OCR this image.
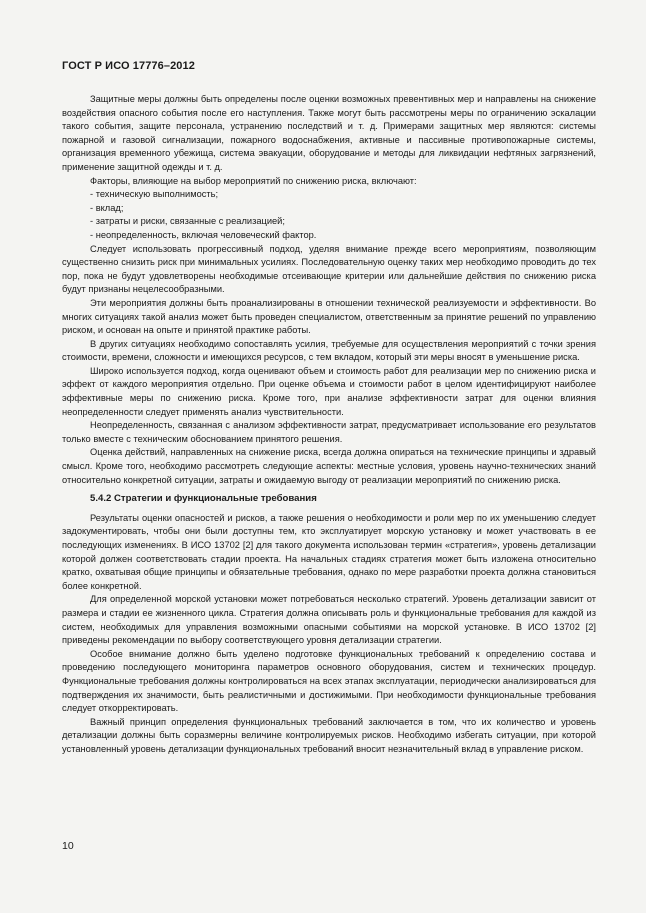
ГОСТ Р ИСО 17776–2012

Защитные меры должны быть определены после оценки возможных превентивных мер и направлены на снижение воздействия опасного события после его наступления. Также могут быть рассмотрены меры по ограничению эскалации такого события, защите персонала, устранению последствий и т. д. Примерами защитных мер являются: системы пожарной и газовой сигнализации, пожарного водоснабжения, активные и пассивные противопожарные системы, организация временного убежища, система эвакуации, оборудование и методы для ликвидации нефтяных загрязнений, применение защитной одежды и т. д.

Факторы, влияющие на выбор мероприятий по снижению риска, включают:

- техническую выполнимость;

- вклад;

- затраты и риски, связанные с реализацией;

- неопределенность, включая человеческий фактор.

Следует использовать прогрессивный подход, уделяя внимание прежде всего мероприятиям, позволяющим существенно снизить риск при минимальных усилиях. Последовательную оценку таких мер необходимо проводить до тех пор, пока не будут удовлетворены необходимые отсеивающие критерии или дальнейшие действия по снижению риска будут признаны нецелесообразными.

Эти мероприятия должны быть проанализированы в отношении технической реализуемости и эффективности. Во многих ситуациях такой анализ может быть проведен специалистом, ответственным за принятие решений по управлению риском, и основан на опыте и принятой практике работы.

В других ситуациях необходимо сопоставлять усилия, требуемые для осуществления мероприятий с точки зрения стоимости, времени, сложности и имеющихся ресурсов, с тем вкладом, который эти меры вносят в уменьшение риска.

Широко используется подход, когда оценивают объем и стоимость работ для реализации мер по снижению риска и эффект от каждого мероприятия отдельно. При оценке объема и стоимости работ в целом идентифицируют наиболее эффективные меры по снижению риска. Кроме того, при анализе эффективности затрат для оценки влияния неопределенности следует применять анализ чувствительности.

Неопределенность, связанная с анализом эффективности затрат, предусматривает использование его результатов только вместе с техническим обоснованием принятого решения.

Оценка действий, направленных на снижение риска, всегда должна опираться на технические принципы и здравый смысл. Кроме того, необходимо рассмотреть следующие аспекты: местные условия, уровень научно-технических знаний относительно конкретной ситуации, затраты и ожидаемую выгоду от реализации мероприятий по снижению риска.

5.4.2 Стратегии и функциональные требования

Результаты оценки опасностей и рисков, а также решения о необходимости и роли мер по их уменьшению следует задокументировать, чтобы они были доступны тем, кто эксплуатирует морскую установку и может участвовать в ее последующих изменениях. В ИСО 13702 [2] для такого документа использован термин «стратегия», уровень детализации которой должен соответствовать стадии проекта. На начальных стадиях стратегия может быть изложена относительно кратко, охватывая общие принципы и обязательные требования, однако по мере разработки проекта должна становиться более конкретной.

Для определенной морской установки может потребоваться несколько стратегий. Уровень детализации зависит от размера и стадии ее жизненного цикла. Стратегия должна описывать роль и функциональные требования для каждой из систем, необходимых для управления возможными опасными событиями на морской установке. В ИСО 13702 [2] приведены рекомендации по выбору соответствующего уровня детализации стратегии.

Особое внимание должно быть уделено подготовке функциональных требований к определению состава и проведению последующего мониторинга параметров основного оборудования, систем и технических процедур. Функциональные требования должны контролироваться на всех этапах эксплуатации, периодически анализироваться для подтверждения их значимости, быть реалистичными и достижимыми. При необходимости функциональные требования следует откорректировать.

Важный принцип определения функциональных требований заключается в том, что их количество и уровень детализации должны быть соразмерны величине контролируемых рисков. Необходимо избегать ситуации, при которой установленный уровень детализации функциональных требований вносит незначительный вклад в управление риском.

10
